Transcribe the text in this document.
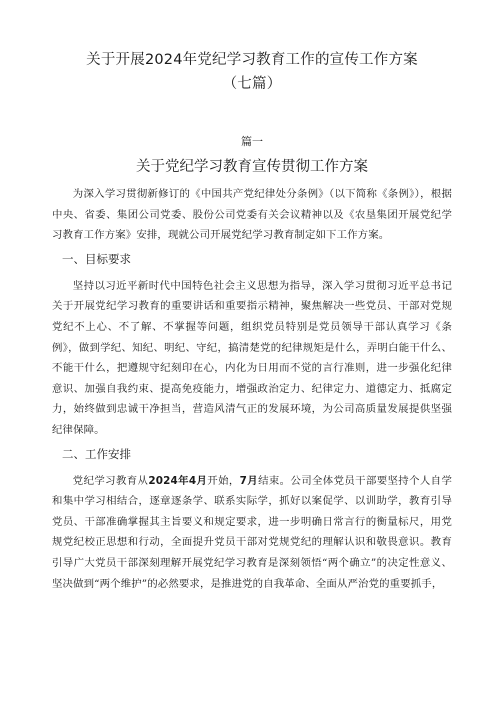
关于开展2024年党纪学习教育工作的宣传工作方案
（七篇）
篇一
关于党纪学习教育宣传贯彻工作方案

为深入学习贯彻新修订的《中国共产党纪律处分条例》（以下简称《条例》），根据中央、省委、集团公司党委、股份公司党委有关会议精神以及《农垦集团开展党纪学习教育工作方案》安排，现就公司开展党纪学习教育制定如下工作方案。

一、目标要求

坚持以习近平新时代中国特色社会主义思想为指导，深入学习贯彻习近平总书记关于开展党纪学习教育的重要讲话和重要指示精神，聚焦解决一些党员、干部对党规党纪不上心、不了解、不掌握等问题，组织党员特别是党员领导干部认真学习《条例》，做到学纪、知纪、明纪、守纪，搞清楚党的纪律规矩是什么，弄明白能干什么、不能干什么，把遵规守纪刻印在心，内化为日用而不觉的言行准则，进一步强化纪律意识、加强自我约束、提高免疫能力，增强政治定力、纪律定力、道德定力、抵腐定力，始终做到忠诚干净担当，营造风清气正的发展环境，为公司高质量发展提供坚强纪律保障。

二、工作安排

党纪学习教育从2024年4月开始，7月结束。公司全体党员干部要坚持个人自学和集中学习相结合，逐章逐条学、联系实际学，抓好以案促学、以训助学，教育引导党员、干部准确掌握其主旨要义和规定要求，进一步明确日常言行的衡量标尺，用党规党纪校正思想和行动，全面提升党员干部对党规党纪的理解认识和敬畏意识。教育引导广大党员干部深刻理解开展党纪学习教育是深刻领悟“两个确立”的决定性意义、坚决做到“两个维护”的必然要求，是推进党的自我革命、全面从严治党的重要抓手，
